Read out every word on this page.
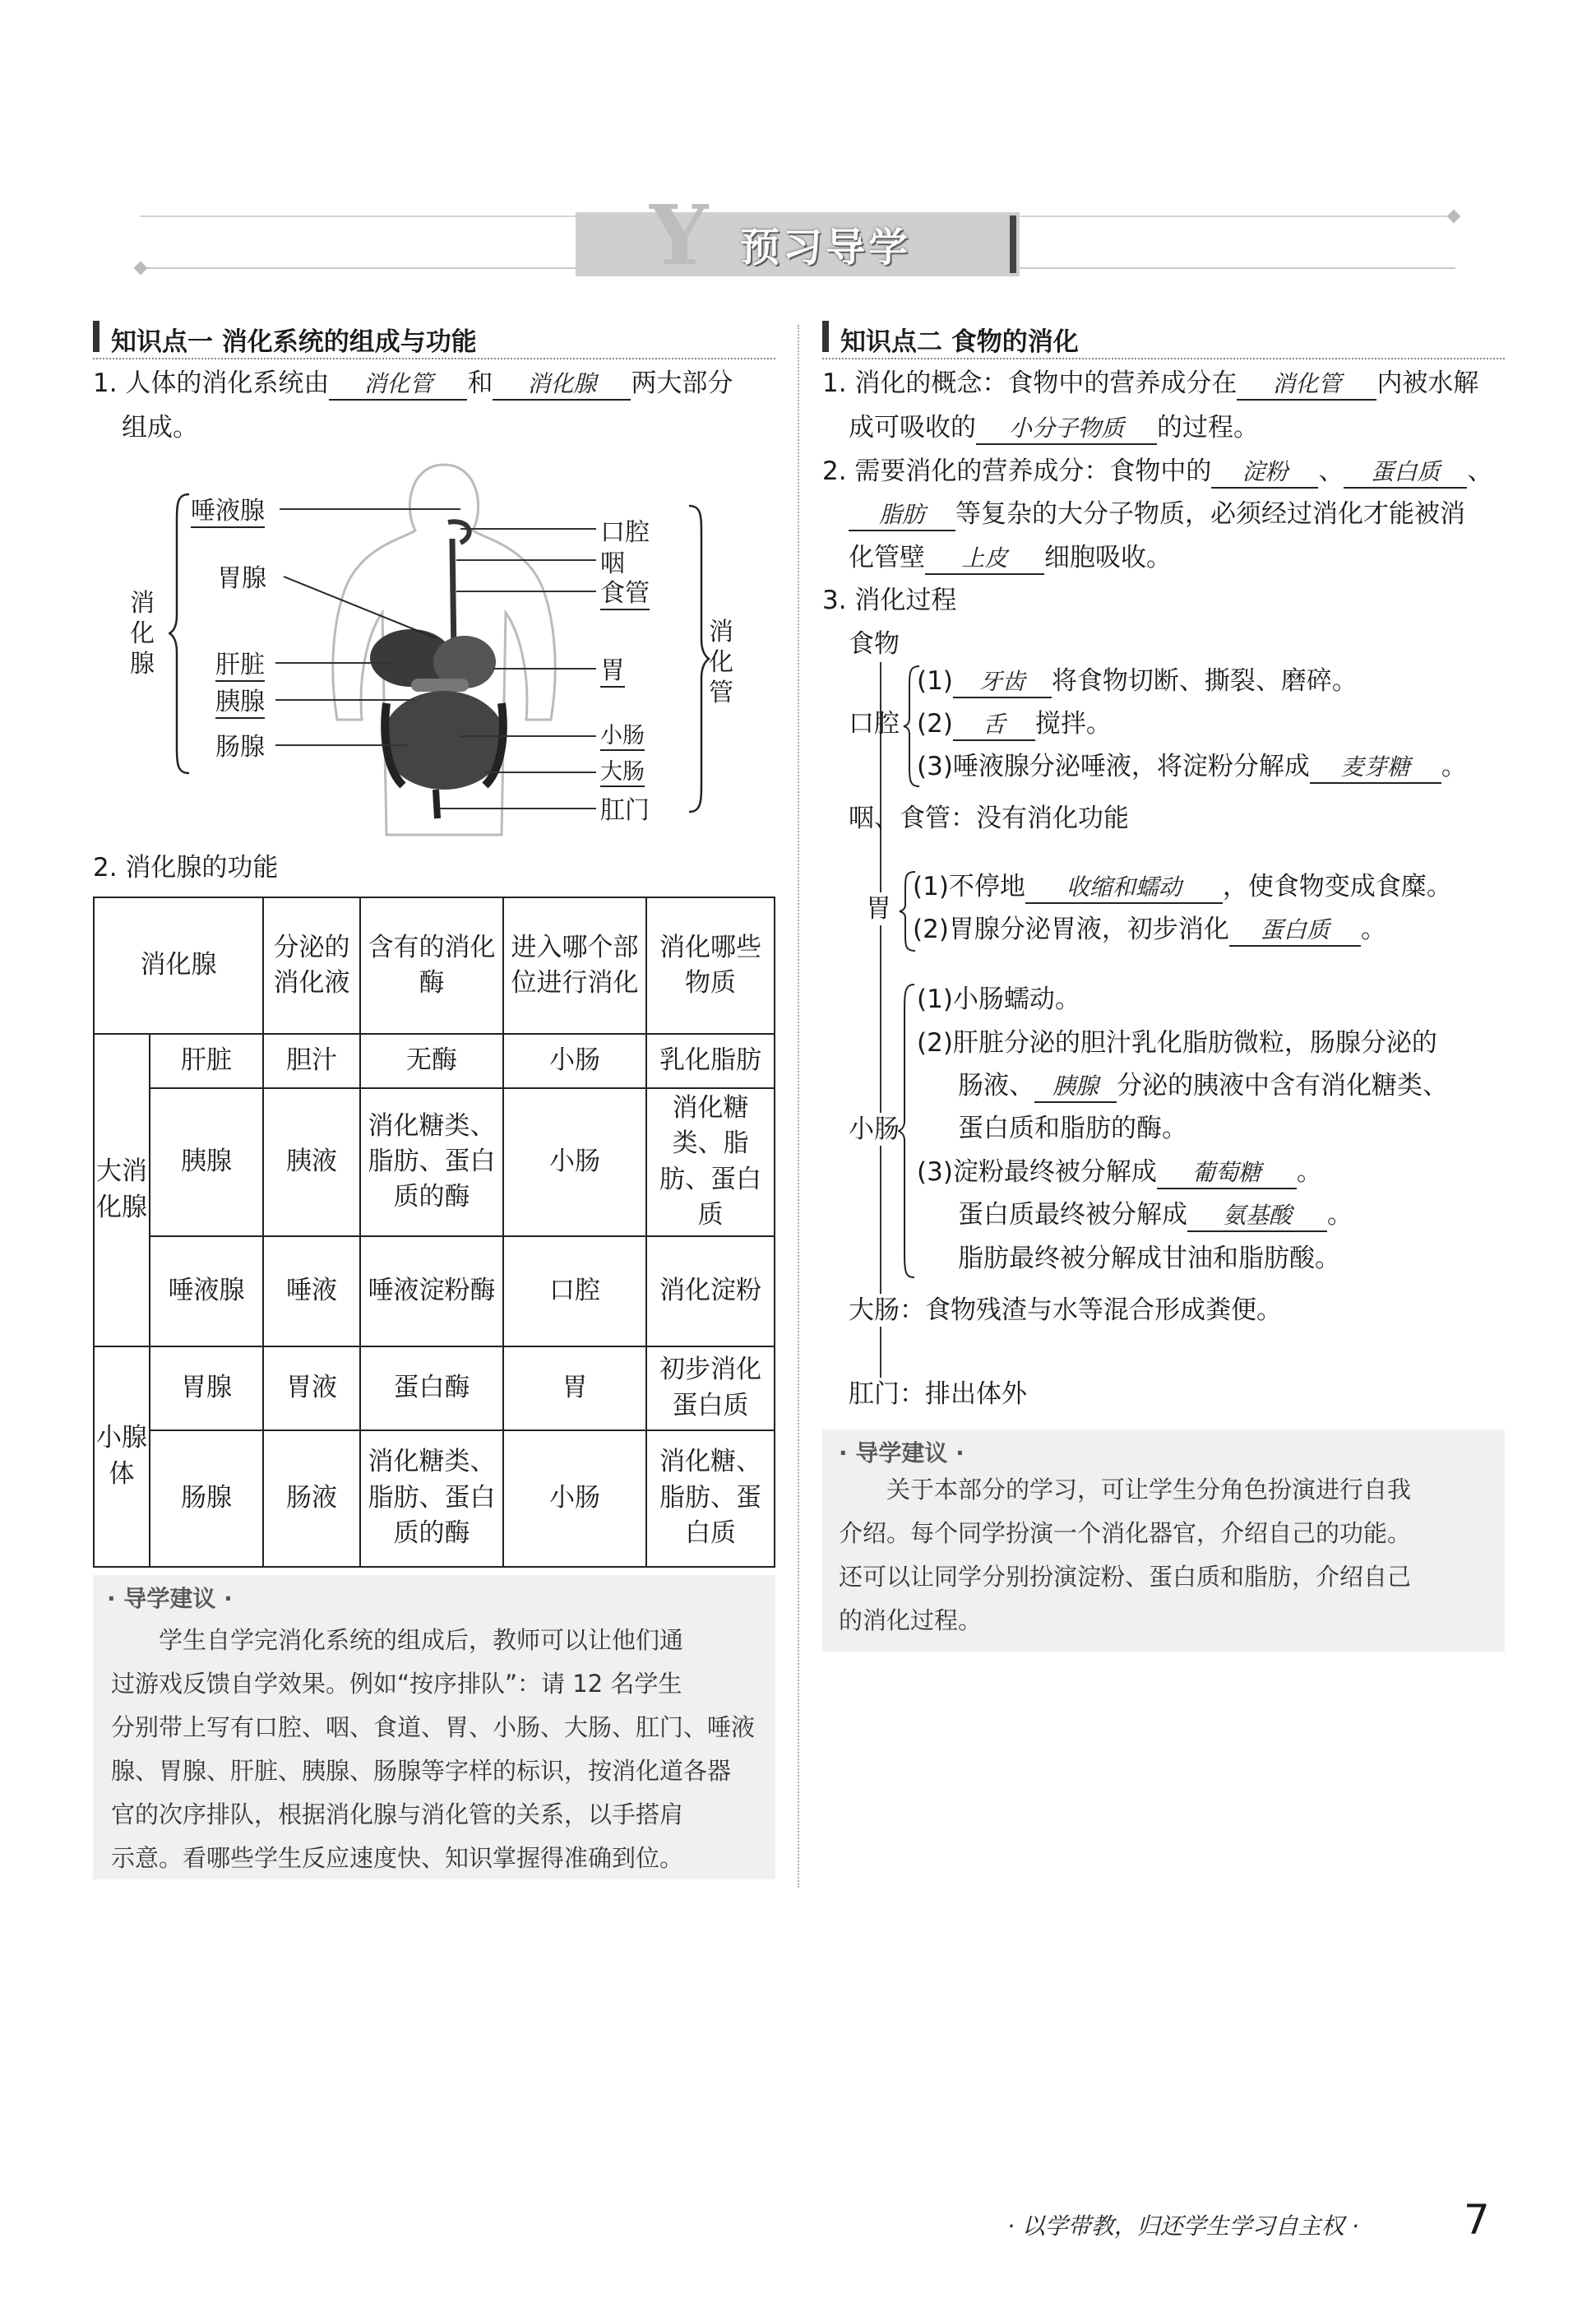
Y 预习导学
知识点一 消化系统的组成与功能
1. 人体的消化系统由 消化管 和 消化腺 两大部分
组成。
消化腺
唾液腺
胃腺
肝脏
胰腺
肠腺
口腔
咽
食管
胃
小肠
大肠
肛门
消化管
2. 消化腺的功能
消化腺		分泌的消化液	含有的消化酶	进入哪个部位进行消化	消化哪些物质
大消化腺	肝脏	胆汁	无酶	小肠	乳化脂肪
	胰腺	胰液	消化糖类、脂肪、蛋白质的酶	小肠	消化糖类、脂肪、蛋白质
	唾液腺	唾液	唾液淀粉酶	口腔	消化淀粉
小腺体	胃腺	胃液	蛋白酶	胃	初步消化蛋白质
	肠腺	肠液	消化糖类、脂肪、蛋白质的酶	小肠	消化糖、脂肪、蛋白质
· 导学建议 ·
学生自学完消化系统的组成后，教师可以让他们通
过游戏反馈自学效果。例如“按序排队”：请 12 名学生
分别带上写有口腔、咽、食道、胃、小肠、大肠、肛门、唾液
腺、胃腺、肝脏、胰腺、肠腺等字样的标识，按消化道各器
官的次序排队，根据消化腺与消化管的关系，以手搭肩
示意。看哪些学生反应速度快、知识掌握得准确到位。
知识点二 食物的消化
1. 消化的概念：食物中的营养成分在 消化管 内被水解
成可吸收的 小分子物质 的过程。
2. 需要消化的营养成分：食物中的 淀粉 、 蛋白质 、
脂肪 等复杂的大分子物质，必须经过消化才能被消
化管壁 上皮 细胞吸收。
3. 消化过程
食物
口腔
(1) 牙齿 将食物切断、撕裂、磨碎。
(2) 舌 搅拌。
(3)唾液腺分泌唾液，将淀粉分解成 麦芽糖 。
咽、食管：没有消化功能
胃
(1)不停地 收缩和蠕动 ，使食物变成食糜。
(2)胃腺分泌胃液，初步消化 蛋白质 。
小肠
(1)小肠蠕动。
(2)肝脏分泌的胆汁乳化脂肪微粒，肠腺分泌的
肠液、 胰腺 分泌的胰液中含有消化糖类、
蛋白质和脂肪的酶。
(3)淀粉最终被分解成 葡萄糖 。
蛋白质最终被分解成 氨基酸 。
脂肪最终被分解成甘油和脂肪酸。
大肠：食物残渣与水等混合形成粪便。
肛门：排出体外
· 导学建议 ·
关于本部分的学习，可让学生分角色扮演进行自我
介绍。每个同学扮演一个消化器官，介绍自己的功能。
还可以让同学分别扮演淀粉、蛋白质和脂肪，介绍自己
的消化过程。
· 以学带教，归还学生学习自主权 ·	7
